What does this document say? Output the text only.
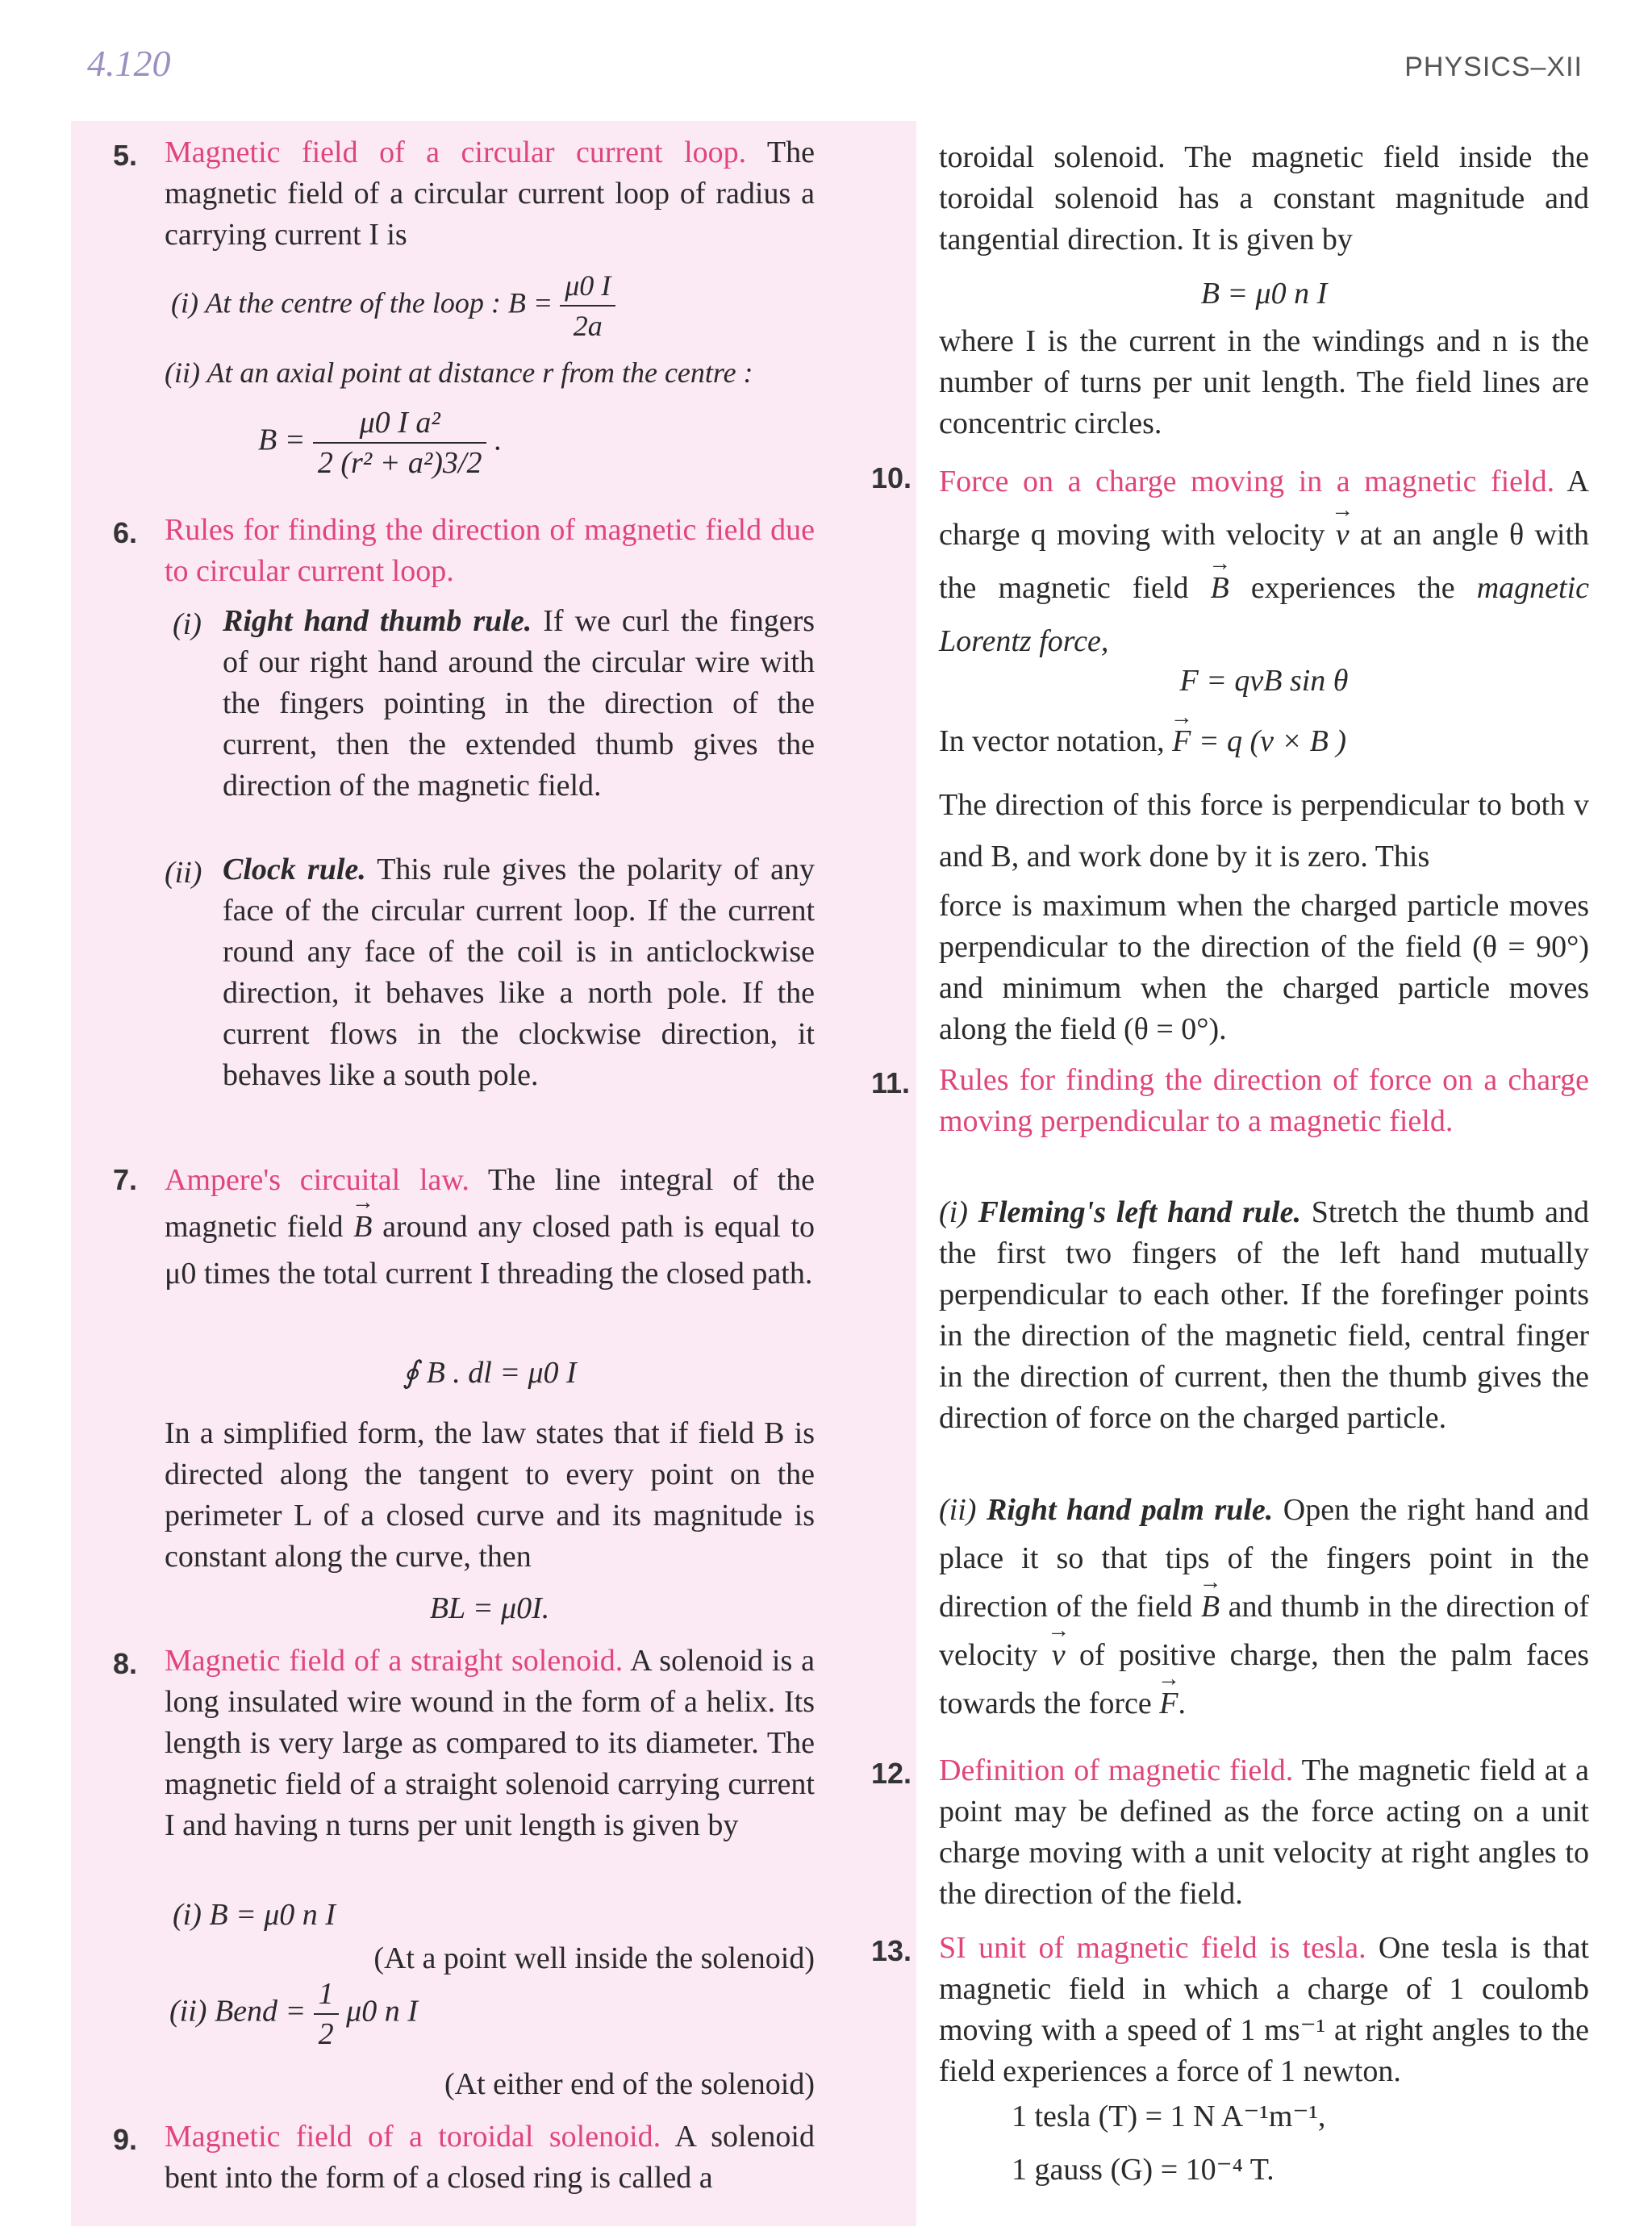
4.120	PHYSICS–XII
5. Magnetic field of a circular current loop. The magnetic field of a circular current loop of radius a carrying current I is
(i) At the centre of the loop : $B = \frac{\mu 0 I}{2a}$
(ii) At an axial point at distance r from the centre :
$B = \frac{\text{μ0 I a²}}{\text{2 (r² + a²)3/2}}$ .
6. Rules for finding the direction of magnetic field due to circular current loop.
(i) Right hand thumb rule. If we curl the fingers of our right hand around the circular wire with the fingers pointing in the direction of the current, then the extended thumb gives the direction of the magnetic field.
(ii) Clock rule. This rule gives the polarity of any face of the circular current loop. If the current round any face of the coil is in anticlockwise direction, it behaves like a north pole. If the current flows in the clockwise direction, it behaves like a south pole.
7. Ampere's circuital law. The line integral of the magnetic field → B around any closed path is equal to μ0 times the total current I threading the closed path.
∮ B . dl = μ0 I
In a simplified form, the law states that if field B is directed along the tangent to every point on the perimeter L of a closed curve and its magnitude is constant along the curve, then
BL = μ0I.
8. Magnetic field of a straight solenoid. A solenoid is a long insulated wire wound in the form of a helix. Its length is very large as compared to its diameter. The magnetic field of a straight solenoid carrying current I and having n turns per unit length is given by
(i) B = μ0 n I
(At a point well inside the solenoid)
(ii) Bend = $\frac{1}{2} \mu 0$ n I
(At either end of the solenoid)
9. Magnetic field of a toroidal solenoid. A solenoid bent into the form of a closed ring is called a
toroidal solenoid. The magnetic field inside the toroidal solenoid has a constant magnitude and tangential direction. It is given by
B = μ0 n I
where I is the current in the windings and n is the number of turns per unit length. The field lines are concentric circles.
10. Force on a charge moving in a magnetic field. A charge q moving with velocity → v at an angle θ with the magnetic field → B experiences the magnetic Lorentz force,
F = qvB sin θ
In vector notation, → F = q (v × B )
The direction of this force is perpendicular to both v and B, and work done by it is zero. This
force is maximum when the charged particle moves perpendicular to the direction of the field (θ = 90°) and minimum when the charged particle moves along the field (θ = 0°).
11. Rules for finding the direction of force on a charge moving perpendicular to a magnetic field.
(i) Fleming's left hand rule. Stretch the thumb and the first two fingers of the left hand mutually perpendicular to each other. If the forefinger points in the direction of the magnetic field, central finger in the direction of current, then the thumb gives the direction of force on the charged particle.
(ii) Right hand palm rule. Open the right hand and place it so that tips of the fingers point in the direction of the field → B and thumb in the direction of velocity → v of positive charge, then the palm faces towards the force → F.
12. Definition of magnetic field. The magnetic field at a point may be defined as the force acting on a unit charge moving with a unit velocity at right angles to the direction of the field.
13. SI unit of magnetic field is tesla. One tesla is that magnetic field in which a charge of 1 coulomb moving with a speed of 1 ms⁻¹ at right angles to the field experiences a force of 1 newton.
1 tesla (T) = 1 N A⁻¹m⁻¹,
1 gauss (G) = 10⁻⁴ T.
